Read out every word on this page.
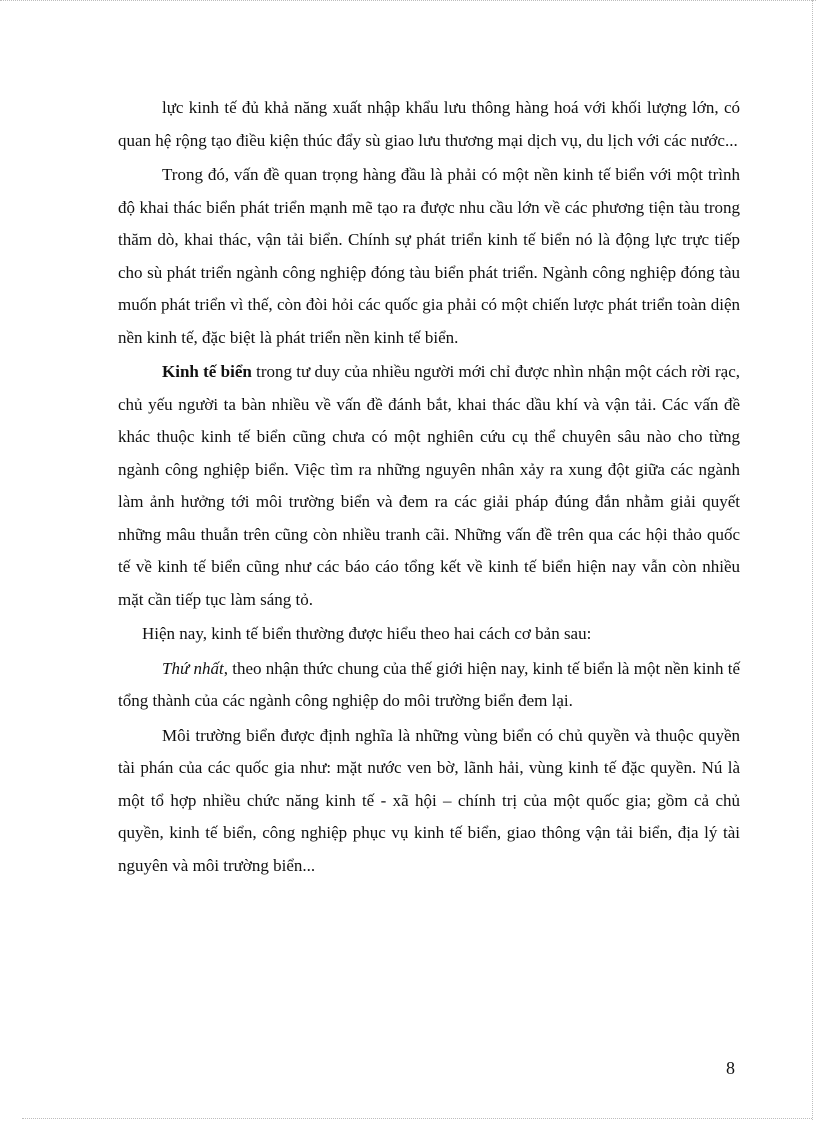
lực kinh tế đủ khả năng xuất nhập khẩu lưu thông hàng hoá với khối lượng lớn, có quan hệ rộng tạo điều kiện thúc đẩy sù giao lưu thương mại dịch vụ, du lịch với các nước...

Trong đó, vấn đề quan trọng hàng đầu là phải có một nền kinh tế biển với một trình độ khai thác biển phát triển mạnh mẽ tạo ra được nhu cầu lớn về các phương tiện tàu trong thăm dò, khai thác, vận tải biển. Chính sự phát triển kinh tế biển nó là động lực trực tiếp cho sù phát triển ngành công nghiệp đóng tàu biển phát triển. Ngành công nghiệp đóng tàu muốn phát triển vì thế, còn đòi hỏi các quốc gia phải có một chiến lược phát triển toàn diện nền kinh tế, đặc biệt là phát triển nền kinh tế biển.

Kinh tế biển trong tư duy của nhiều người mới chỉ được nhìn nhận một cách rời rạc, chủ yếu người ta bàn nhiều về vấn đề đánh bắt, khai thác dầu khí và vận tải. Các vấn đề khác thuộc kinh tế biển cũng chưa có một nghiên cứu cụ thể chuyên sâu nào cho từng ngành công nghiệp biển. Việc tìm ra những nguyên nhân xảy ra xung đột giữa các ngành làm ảnh hưởng tới môi trường biển và đem ra các giải pháp đúng đắn nhằm giải quyết những mâu thuẫn trên cũng còn nhiều tranh cãi. Những vấn đề trên qua các hội thảo quốc tế về kinh tế biển cũng như các báo cáo tổng kết về kinh tế biển hiện nay vẫn còn nhiều mặt cần tiếp tục làm sáng tỏ.

Hiện nay, kinh tế biển thường được hiểu theo hai cách cơ bản sau:

Thứ nhất, theo nhận thức chung của thế giới hiện nay, kinh tế biển là một nền kinh tế tổng thành của các ngành công nghiệp do môi trường biển đem lại.

Môi trường biển được định nghĩa là những vùng biển có chủ quyền và thuộc quyền tài phán của các quốc gia như: mặt nước ven bờ, lãnh hải, vùng kinh tế đặc quyền. Nú là một tổ hợp nhiều chức năng kinh tế - xã hội – chính trị của một quốc gia; gồm cả chủ quyền, kinh tế biển, công nghiệp phục vụ kinh tế biển, giao thông vận tải biển, địa lý tài nguyên và môi trường biển...

8
